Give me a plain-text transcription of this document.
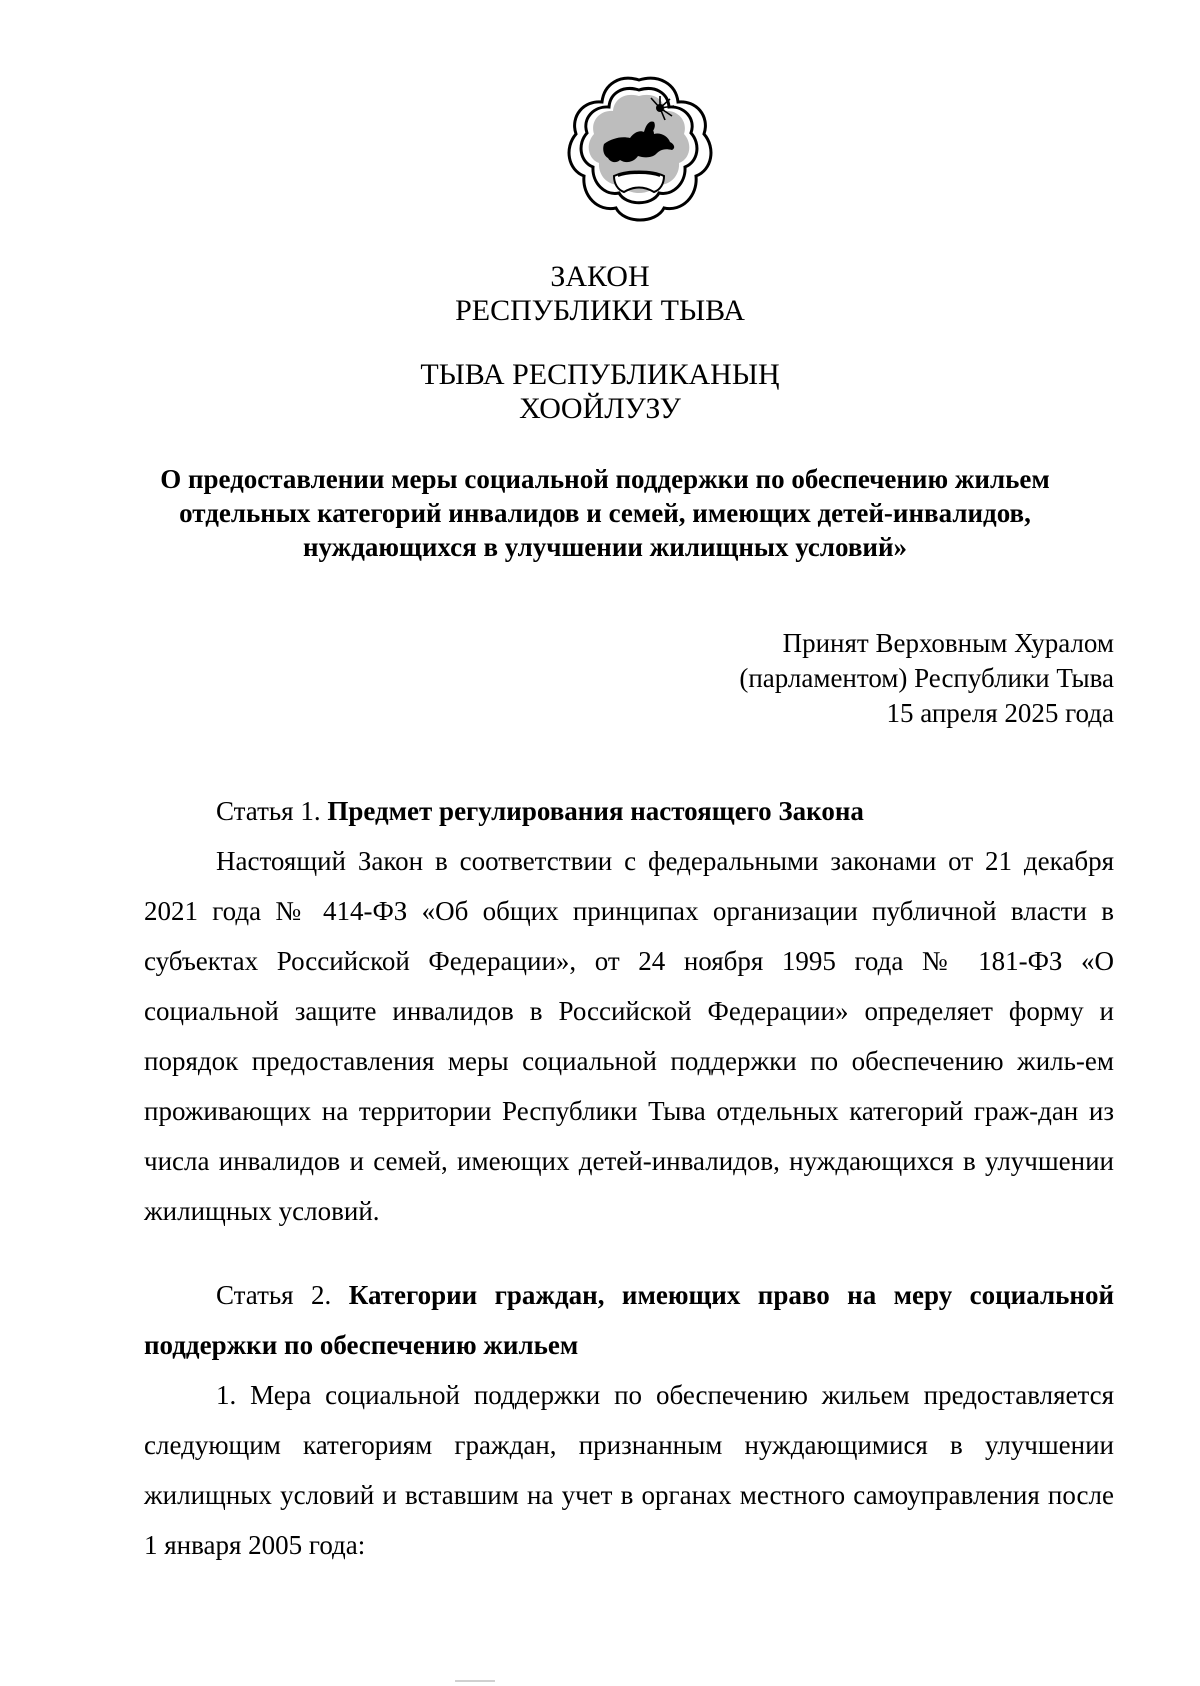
ЗАКОН
РЕСПУБЛИКИ ТЫВА
ТЫВА РЕСПУБЛИКАНЫҢ
ХООЙЛУЗУ
О предоставлении меры социальной поддержки по обеспечению жильем отдельных категорий инвалидов и семей, имеющих детей-инвалидов, нуждающихся в улучшении жилищных условий»
Принят Верховным Хуралом
(парламентом) Республики Тыва
15 апреля 2025 года

Статья 1. Предмет регулирования настоящего Закона

Настоящий Закон в соответствии с федеральными законами от 21 декабря 2021 года № 414-ФЗ «Об общих принципах организации публичной власти в субъектах Российской Федерации», от 24 ноября 1995 года № 181-ФЗ «О социальной защите инвалидов в Российской Федерации» определяет форму и порядок предоставления меры социальной поддержки по обеспечению жиль-ем проживающих на территории Республики Тыва отдельных категорий граж-дан из числа инвалидов и семей, имеющих детей-инвалидов, нуждающихся в улучшении жилищных условий.

Статья 2. Категории граждан, имеющих право на меру социальной поддержки по обеспечению жильем

1. Мера социальной поддержки по обеспечению жильем предоставляется следующим категориям граждан, признанным нуждающимися в улучшении жилищных условий и вставшим на учет в органах местного самоуправления после 1 января 2005 года:
